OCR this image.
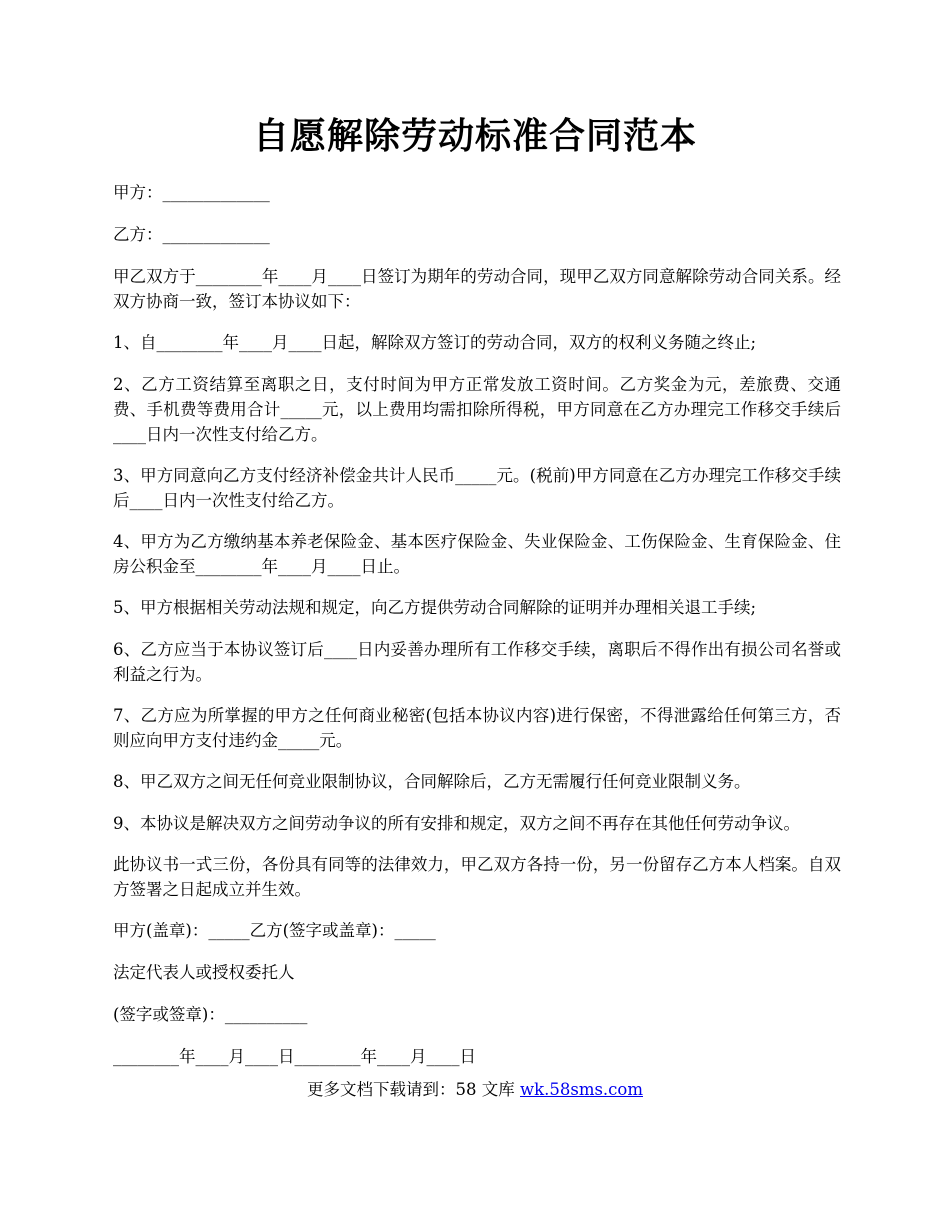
自愿解除劳动标准合同范本

甲方：_____________

乙方：_____________

甲乙双方于________年____月____日签订为期年的劳动合同，现甲乙双方同意解除劳动合同关系。经双方协商一致，签订本协议如下：

1、自________年____月____日起，解除双方签订的劳动合同，双方的权利义务随之终止;

2、乙方工资结算至离职之日，支付时间为甲方正常发放工资时间。乙方奖金为元，差旅费、交通费、手机费等费用合计_____元，以上费用均需扣除所得税，甲方同意在乙方办理完工作移交手续后____日内一次性支付给乙方。

3、甲方同意向乙方支付经济补偿金共计人民币_____元。(税前)甲方同意在乙方办理完工作移交手续后____日内一次性支付给乙方。

4、甲方为乙方缴纳基本养老保险金、基本医疗保险金、失业保险金、工伤保险金、生育保险金、住房公积金至________年____月____日止。

5、甲方根据相关劳动法规和规定，向乙方提供劳动合同解除的证明并办理相关退工手续;

6、乙方应当于本协议签订后____日内妥善办理所有工作移交手续，离职后不得作出有损公司名誉或利益之行为。

7、乙方应为所掌握的甲方之任何商业秘密(包括本协议内容)进行保密，不得泄露给任何第三方，否则应向甲方支付违约金_____元。

8、甲乙双方之间无任何竞业限制协议，合同解除后，乙方无需履行任何竞业限制义务。

9、本协议是解决双方之间劳动争议的所有安排和规定，双方之间不再存在其他任何劳动争议。

此协议书一式三份，各份具有同等的法律效力，甲乙双方各持一份，另一份留存乙方本人档案。自双方签署之日起成立并生效。

甲方(盖章)：_____乙方(签字或盖章)：_____

法定代表人或授权委托人

(签字或签章)：__________

________年____月____日________年____月____日

更多文档下载请到：58 文库 wk.58sms.com
